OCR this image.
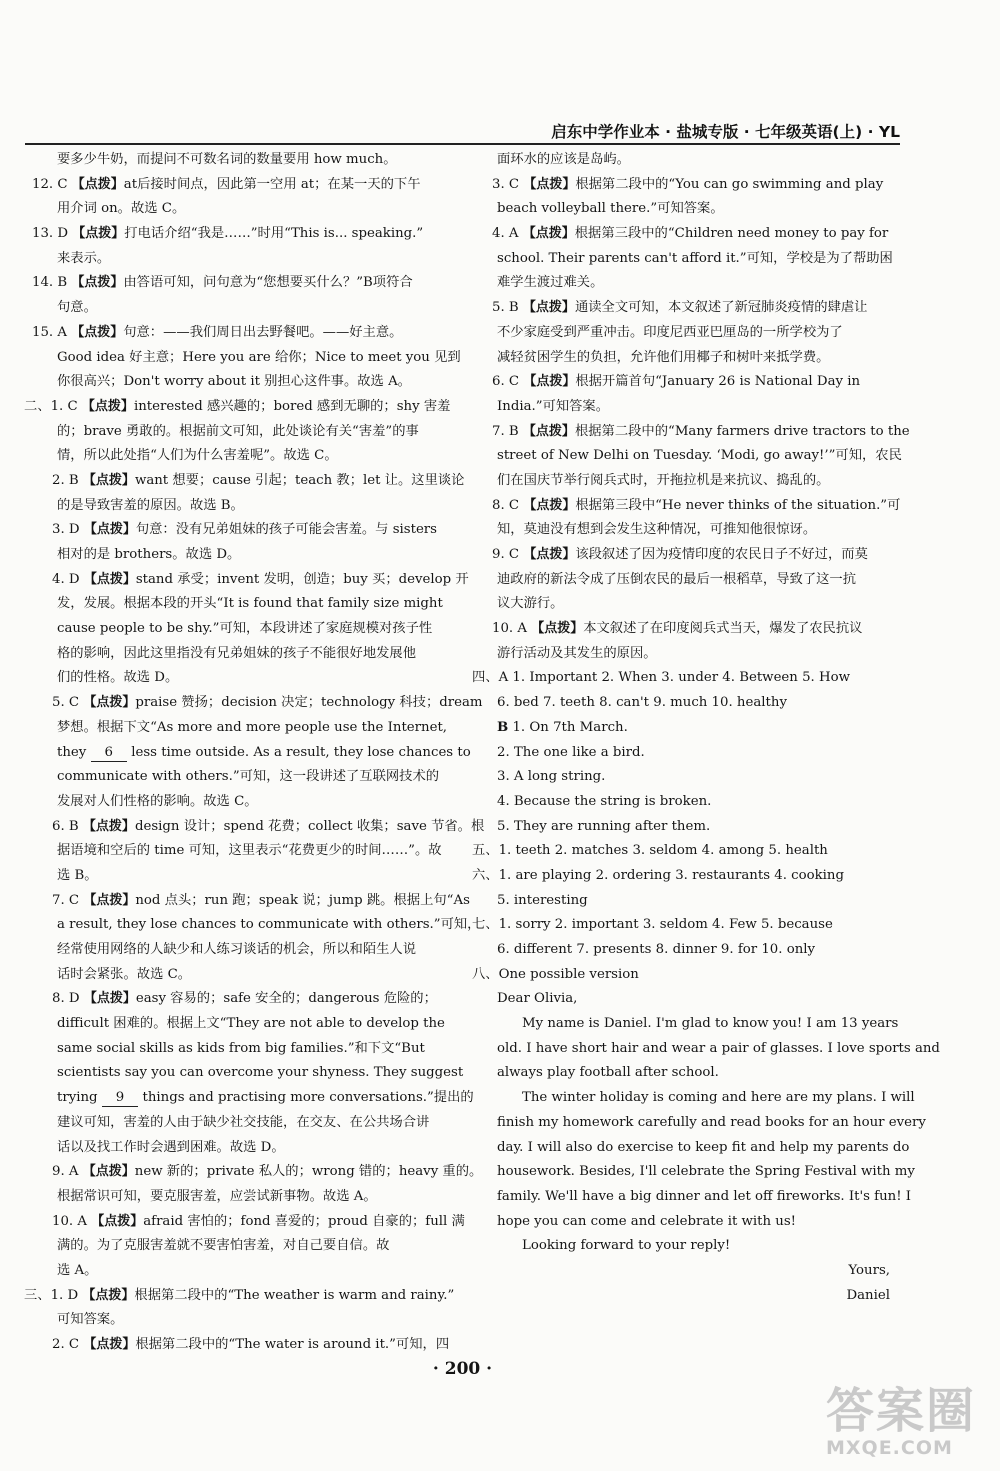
启东中学作业本 · 盐城专版 · 七年级英语(上) · YL
要多少牛奶，而提问不可数名词的数量要用 how much。
12. C 【点拨】at后接时间点，因此第一空用 at；在某一天的下午
用介词 on。故选 C。
13. D 【点拨】打电话介绍“我是……”时用“This is... speaking.”
来表示。
14. B 【点拨】由答语可知，问句意为“您想要买什么？”B项符合
句意。
15. A 【点拨】句意：——我们周日出去野餐吧。——好主意。
Good idea 好主意；Here you are 给你；Nice to meet you 见到
你很高兴；Don't worry about it 别担心这件事。故选 A。
二、1. C 【点拨】interested 感兴趣的；bored 感到无聊的；shy 害羞
的；brave 勇敢的。根据前文可知，此处谈论有关“害羞”的事
情，所以此处指“人们为什么害羞呢”。故选 C。
2. B 【点拨】want 想要；cause 引起；teach 教；let 让。这里谈论
的是导致害羞的原因。故选 B。
3. D 【点拨】句意：没有兄弟姐妹的孩子可能会害羞。与 sisters
相对的是 brothers。故选 D。
4. D 【点拨】stand 承受；invent 发明，创造；buy 买；develop 开
发，发展。根据本段的开头“It is found that family size might
cause people to be shy.”可知，本段讲述了家庭规模对孩子性
格的影响，因此这里指没有兄弟姐妹的孩子不能很好地发展他
们的性格。故选 D。
5. C 【点拨】praise 赞扬；decision 决定；technology 科技；dream
梦想。根据下文“As more and more people use the Internet,
they 6 less time outside. As a result, they lose chances to
communicate with others.”可知，这一段讲述了互联网技术的
发展对人们性格的影响。故选 C。
6. B 【点拨】design 设计；spend 花费；collect 收集；save 节省。根
据语境和空后的 time 可知，这里表示“花费更少的时间……”。故
选 B。
7. C 【点拨】nod 点头；run 跑；speak 说；jump 跳。根据上句“As
a result, they lose chances to communicate with others.”可知，
经常使用网络的人缺少和人练习谈话的机会，所以和陌生人说
话时会紧张。故选 C。
8. D 【点拨】easy 容易的；safe 安全的；dangerous 危险的；
difficult 困难的。根据上文“They are not able to develop the
same social skills as kids from big families.”和下文“But
scientists say you can overcome your shyness. They suggest
trying 9 things and practising more conversations.”提出的
建议可知，害羞的人由于缺少社交技能，在交友、在公共场合讲
话以及找工作时会遇到困难。故选 D。
9. A 【点拨】new 新的；private 私人的；wrong 错的；heavy 重的。
根据常识可知，要克服害羞，应尝试新事物。故选 A。
10. A 【点拨】afraid 害怕的；fond 喜爱的；proud 自豪的；full 满
满的。为了克服害羞就不要害怕害羞，对自己要自信。故
选 A。
三、1. D 【点拨】根据第二段中的“The weather is warm and rainy.”
可知答案。
2. C 【点拨】根据第二段中的“The water is around it.”可知，四
面环水的应该是岛屿。
3. C 【点拨】根据第二段中的“You can go swimming and play
beach volleyball there.”可知答案。
4. A 【点拨】根据第三段中的“Children need money to pay for
school. Their parents can't afford it.”可知，学校是为了帮助困
难学生渡过难关。
5. B 【点拨】通读全文可知，本文叙述了新冠肺炎疫情的肆虐让
不少家庭受到严重冲击。印度尼西亚巴厘岛的一所学校为了
减轻贫困学生的负担，允许他们用椰子和树叶来抵学费。
6. C 【点拨】根据开篇首句“January 26 is National Day in
India.”可知答案。
7. B 【点拨】根据第二段中的“Many farmers drive tractors to the
street of New Delhi on Tuesday. ‘Modi, go away!’”可知，农民
们在国庆节举行阅兵式时，开拖拉机是来抗议、捣乱的。
8. C 【点拨】根据第三段中“He never thinks of the situation.”可
知，莫迪没有想到会发生这种情况，可推知他很惊讶。
9. C 【点拨】该段叙述了因为疫情印度的农民日子不好过，而莫
迪政府的新法令成了压倒农民的最后一根稻草，导致了这一抗
议大游行。
10. A 【点拨】本文叙述了在印度阅兵式当天，爆发了农民抗议
游行活动及其发生的原因。
四、A 1. Important 2. When 3. under 4. Between 5. How
6. bed 7. teeth 8. can't 9. much 10. healthy
B 1. On 7th March.
2. The one like a bird.
3. A long string.
4. Because the string is broken.
5. They are running after them.
五、1. teeth 2. matches 3. seldom 4. among 5. health
六、1. are playing 2. ordering 3. restaurants 4. cooking
5. interesting
七、1. sorry 2. important 3. seldom 4. Few 5. because
6. different 7. presents 8. dinner 9. for 10. only
八、One possible version
Dear Olivia,
My name is Daniel. I'm glad to know you! I am 13 years
old. I have short hair and wear a pair of glasses. I love sports and
always play football after school.
The winter holiday is coming and here are my plans. I will
finish my homework carefully and read books for an hour every
day. I will also do exercise to keep fit and help my parents do
housework. Besides, I'll celebrate the Spring Festival with my
family. We'll have a big dinner and let off fireworks. It's fun! I
hope you can come and celebrate it with us!
Looking forward to your reply!
Yours,
Daniel
· 200 ·
答案圈
MXQE.COM
